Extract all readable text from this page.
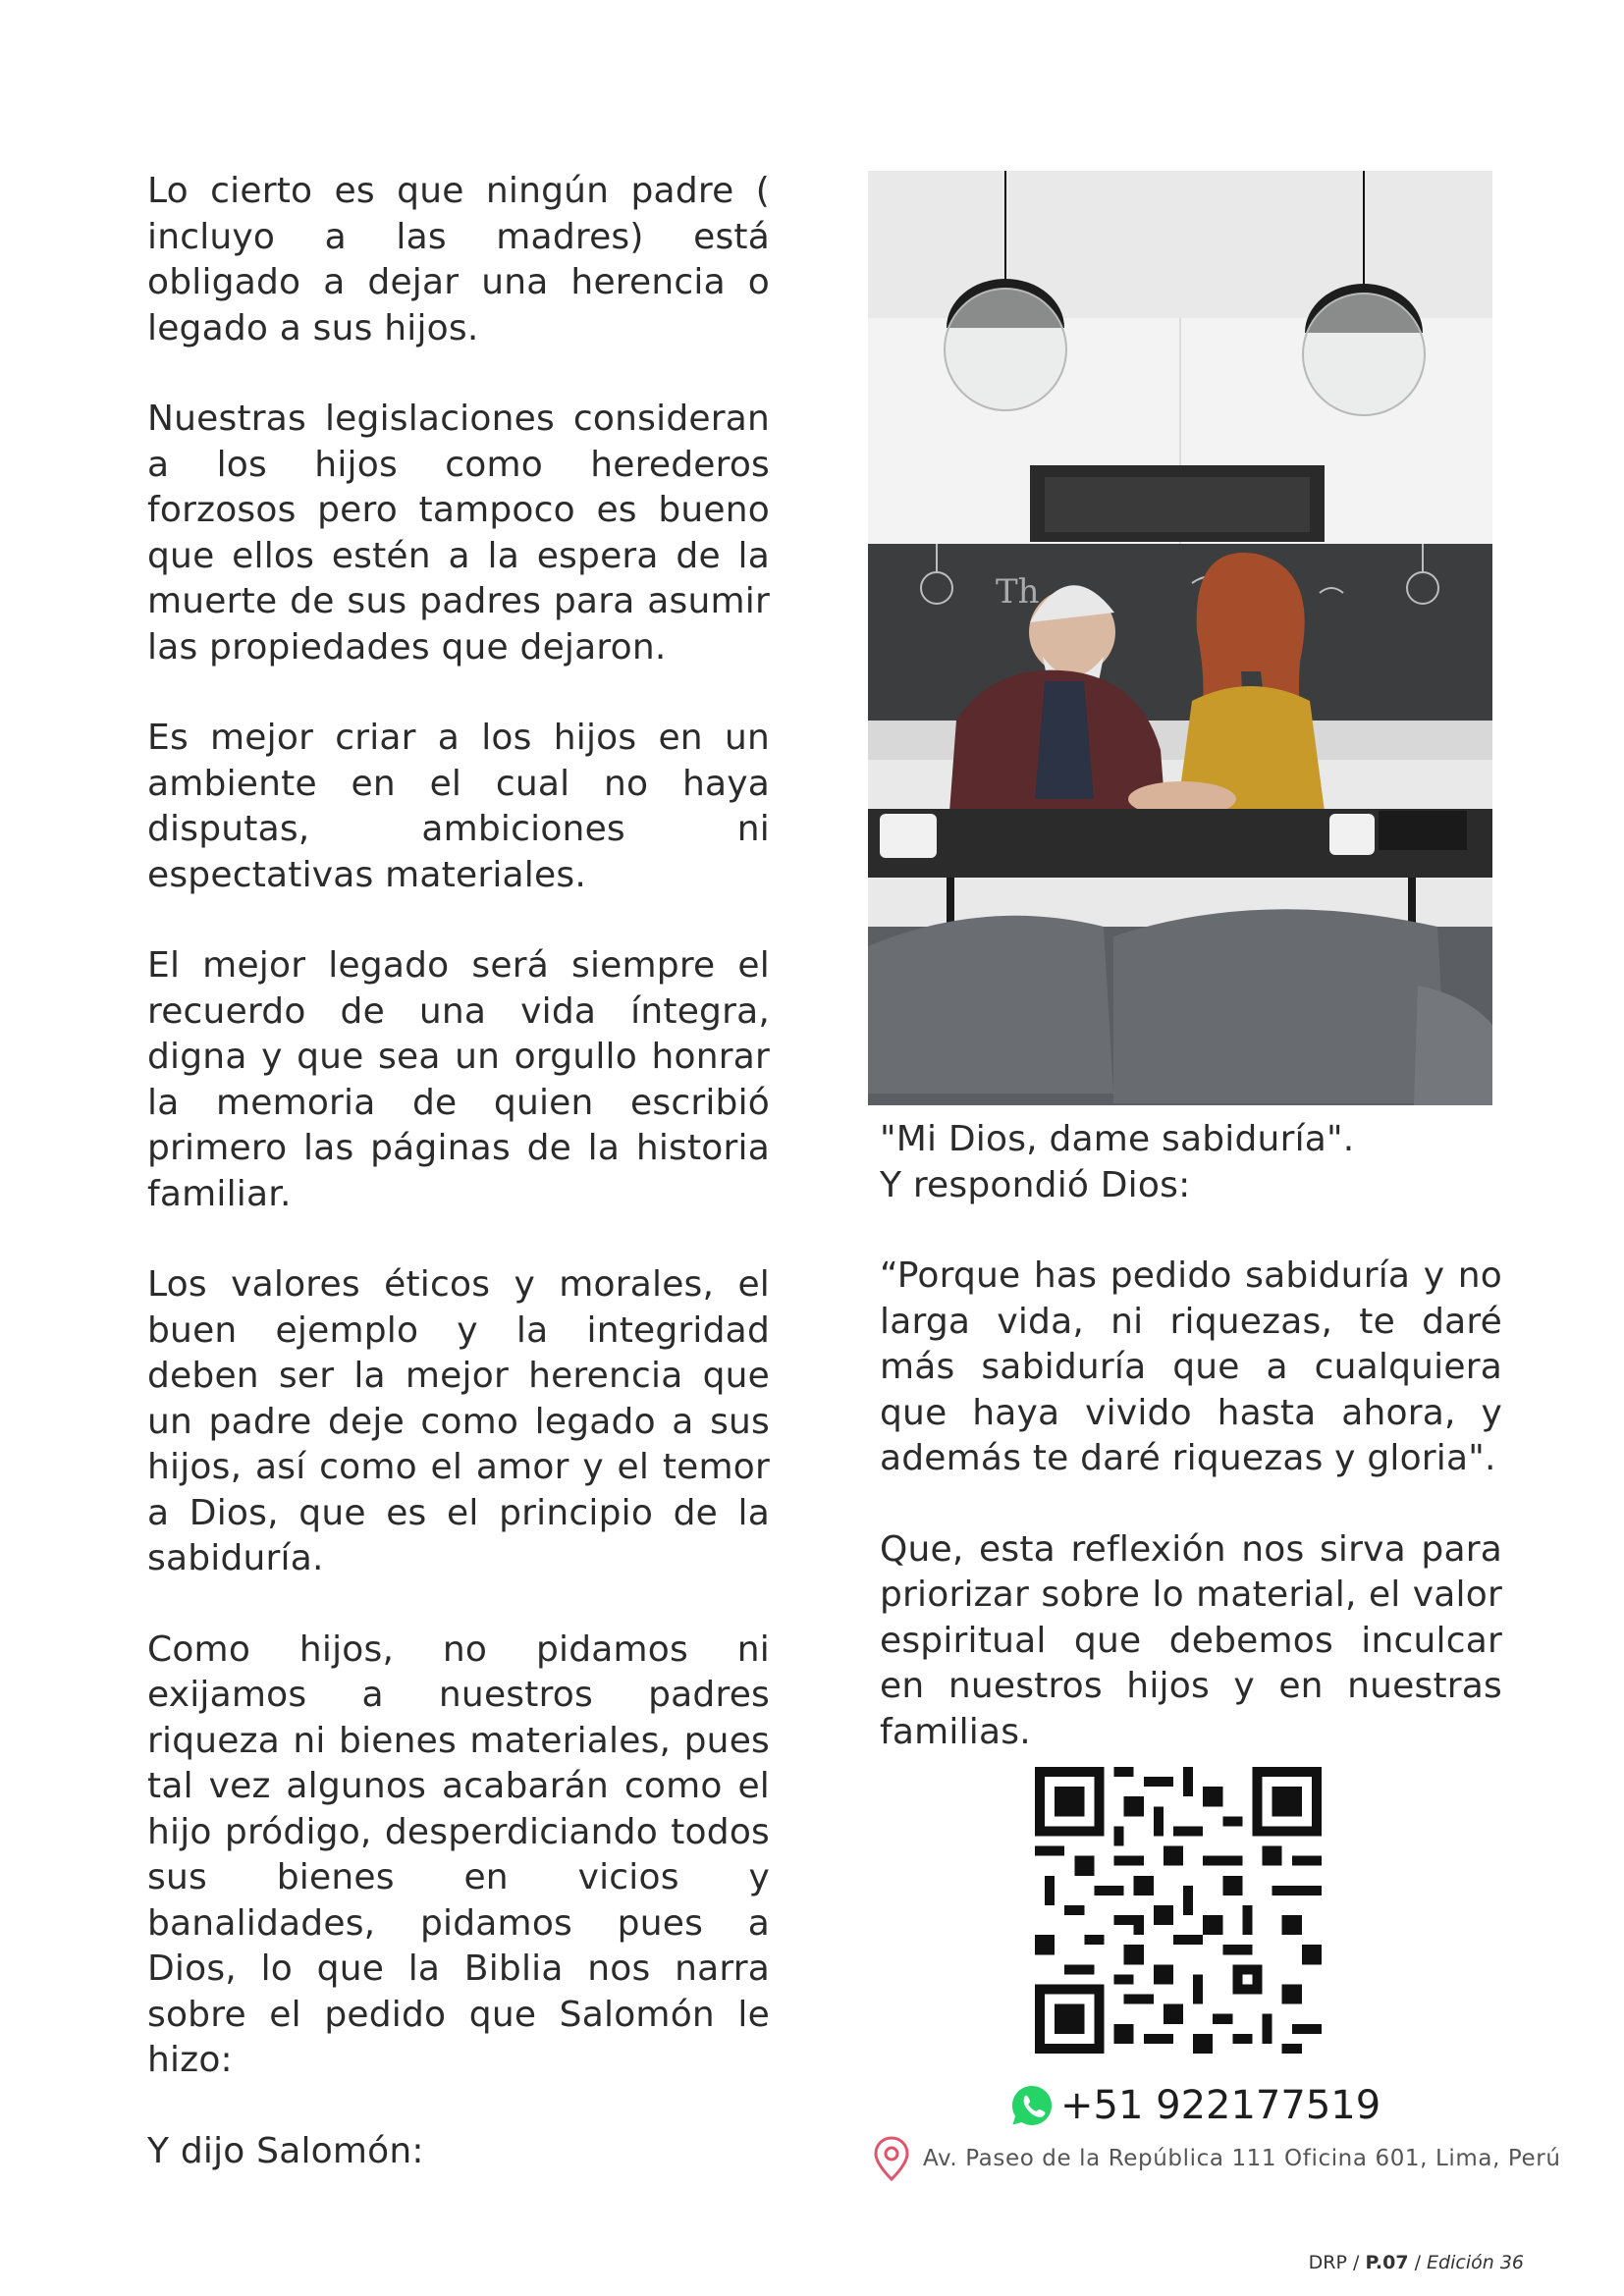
Lo cierto es que ningún padre ( incluyo a las madres) está obligado a dejar una herencia o legado a sus hijos.

Nuestras legislaciones consideran a los hijos como herederos forzosos pero tampoco es bueno que ellos estén a la espera de la muerte de sus padres para asumir las propiedades que dejaron.

Es mejor criar a los hijos en un ambiente en el cual no haya disputas, ambiciones ni espectativas materiales.

El mejor legado será siempre el recuerdo de una vida íntegra, digna y que sea un orgullo honrar la memoria de quien escribió primero las páginas de la historia familiar.

Los valores éticos y morales, el buen ejemplo y la integridad deben ser la mejor herencia que un padre deje como legado a sus hijos, así como el amor y el temor a Dios, que es el principio de la sabiduría.

Como hijos, no pidamos ni exijamos a nuestros padres riqueza ni bienes materiales, pues tal vez algunos acabarán como el hijo pródigo, desperdiciando todos sus bienes en vicios y banalidades, pidamos pues a Dios, lo que la Biblia nos narra sobre el pedido que Salomón le hizo:

Y dijo Salomón:

Th

"Mi Dios, dame sabiduría".
Y respondió Dios:

“Porque has pedido sabiduría y no larga vida, ni riquezas, te daré más sabiduría que a cualquiera que haya vivido hasta ahora, y además te daré riquezas y gloria".

Que, esta reflexión nos sirva para priorizar sobre lo material, el valor espiritual que debemos inculcar en nuestros hijos y en nuestras familias.

+51 922177519
Av. Paseo de la República 111 Oficina 601, Lima, Perú
DRP / P.07 / Edición 36
